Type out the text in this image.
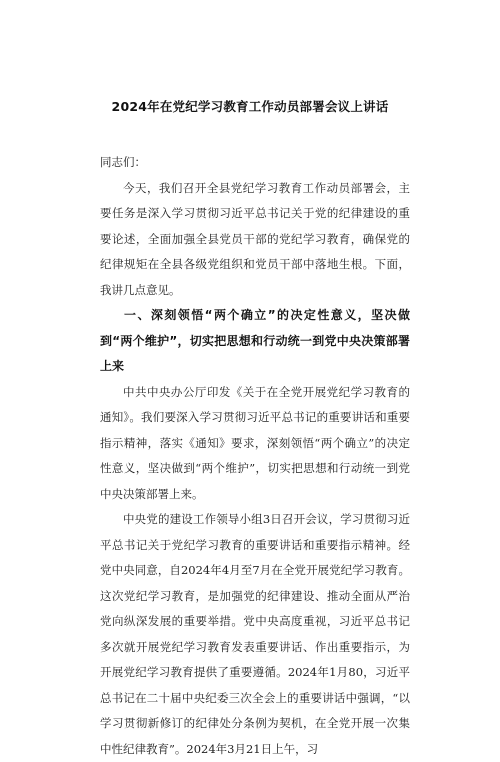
2024年在党纪学习教育工作动员部署会议上讲话

同志们：

今天，我们召开全县党纪学习教育工作动员部署会，主要任务是深入学习贯彻习近平总书记关于党的纪律建设的重要论述，全面加强全县党员干部的党纪学习教育，确保党的纪律规矩在全县各级党组织和党员干部中落地生根。下面，我讲几点意见。

一、深刻领悟“两个确立”的决定性意义，坚决做到“两个维护”，切实把思想和行动统一到党中央决策部署上来

中共中央办公厅印发《关于在全党开展党纪学习教育的通知》。我们要深入学习贯彻习近平总书记的重要讲话和重要指示精神，落实《通知》要求，深刻领悟“两个确立”的决定性意义，坚决做到“两个维护”，切实把思想和行动统一到党中央决策部署上来。

中央党的建设工作领导小组3日召开会议，学习贯彻习近平总书记关于党纪学习教育的重要讲话和重要指示精神。经党中央同意，自2024年4月至7月在全党开展党纪学习教育。这次党纪学习教育，是加强党的纪律建设、推动全面从严治党向纵深发展的重要举措。党中央高度重视，习近平总书记多次就开展党纪学习教育发表重要讲话、作出重要指示，为开展党纪学习教育提供了重要遵循。2024年1月80，习近平总书记在二十届中央纪委三次全会上的重要讲话中强调，“以学习贯彻新修订的纪律处分条例为契机，在全党开展一次集中性纪律教育”。2024年3月21日上午，习
